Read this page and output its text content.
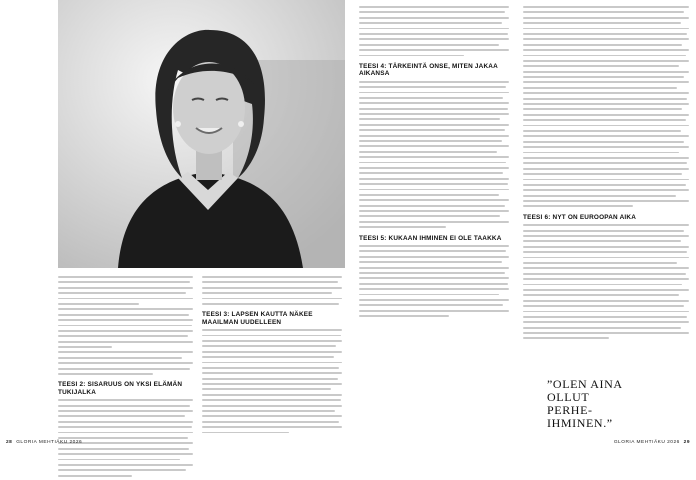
TEESI 2: SISARUUS ON YKSI ELÄMÄN TUKIJALKA
TEESI 3: LAPSEN KAUTTA NÄKEE MAAILMAN UUDELLEEN
28 GLORIA MEHTIÄKU 2026
TEESI 4: TÄRKEINTÄ ONSE, MITEN JAKAA AIKANSA
TEESI 5: KUKAAN IHMINEN EI OLE TAAKKA
TEESI 6: NYT ON EUROOPAN AIKA
”OLEN AINA OLLUT PERHE-IHMINEN.”
GLORIA MEHTIÄKU 2026 29
